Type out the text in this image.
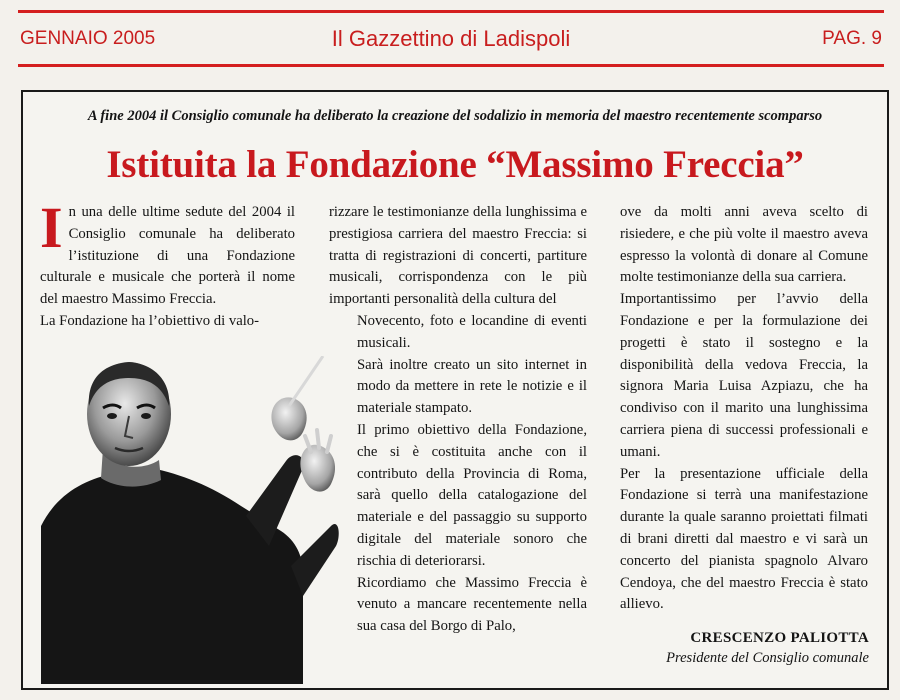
GENNAIO 2005	Il Gazzettino di Ladispoli	PAG. 9
A fine 2004 il Consiglio comunale ha deliberato la creazione del sodalizio in memoria del maestro recentemente scomparso
Istituita la Fondazione “Massimo Freccia”

In una delle ultime sedute del 2004 il Consiglio comunale ha deliberato l’istituzione di una Fondazione culturale e musicale che porterà il nome del maestro Massimo Freccia.

La Fondazione ha l’obiettivo di valo-

rizzare le testimonianze della lunghissima e prestigiosa carriera del maestro Freccia: si tratta di registrazioni di concerti, partiture musicali, corrispondenza con le più importanti personalità della cultura del

Novecento, foto e locandine di eventi musicali.

Sarà inoltre creato un sito internet in modo da mettere in rete le notizie e il materiale stampato.

Il primo obiettivo della Fondazione, che si è costituita anche con il contributo della Provincia di Roma, sarà quello della catalogazione del materiale e del passaggio su supporto digitale del materiale sonoro che rischia di deteriorarsi.

Ricordiamo che Massimo Freccia è venuto a mancare recentemente nella sua casa del Borgo di Palo,

ove da molti anni aveva scelto di risiedere, e che più volte il maestro aveva espresso la volontà di donare al Comune molte testimonianze della sua carriera.

Importantissimo per l’avvio della Fondazione e per la formulazione dei progetti è stato il sostegno e la disponibilità della vedova Freccia, la signora Maria Luisa Azpiazu, che ha condiviso con il marito una lunghissima carriera piena di successi professionali e umani.

Per la presentazione ufficiale della Fondazione si terrà una manifestazione durante la quale saranno proiettati filmati di brani diretti dal maestro e vi sarà un concerto del pianista spagnolo Alvaro Cendoya, che del maestro Freccia è stato allievo.

CRESCENZO PALIOTTA
Presidente del Consiglio comunale
